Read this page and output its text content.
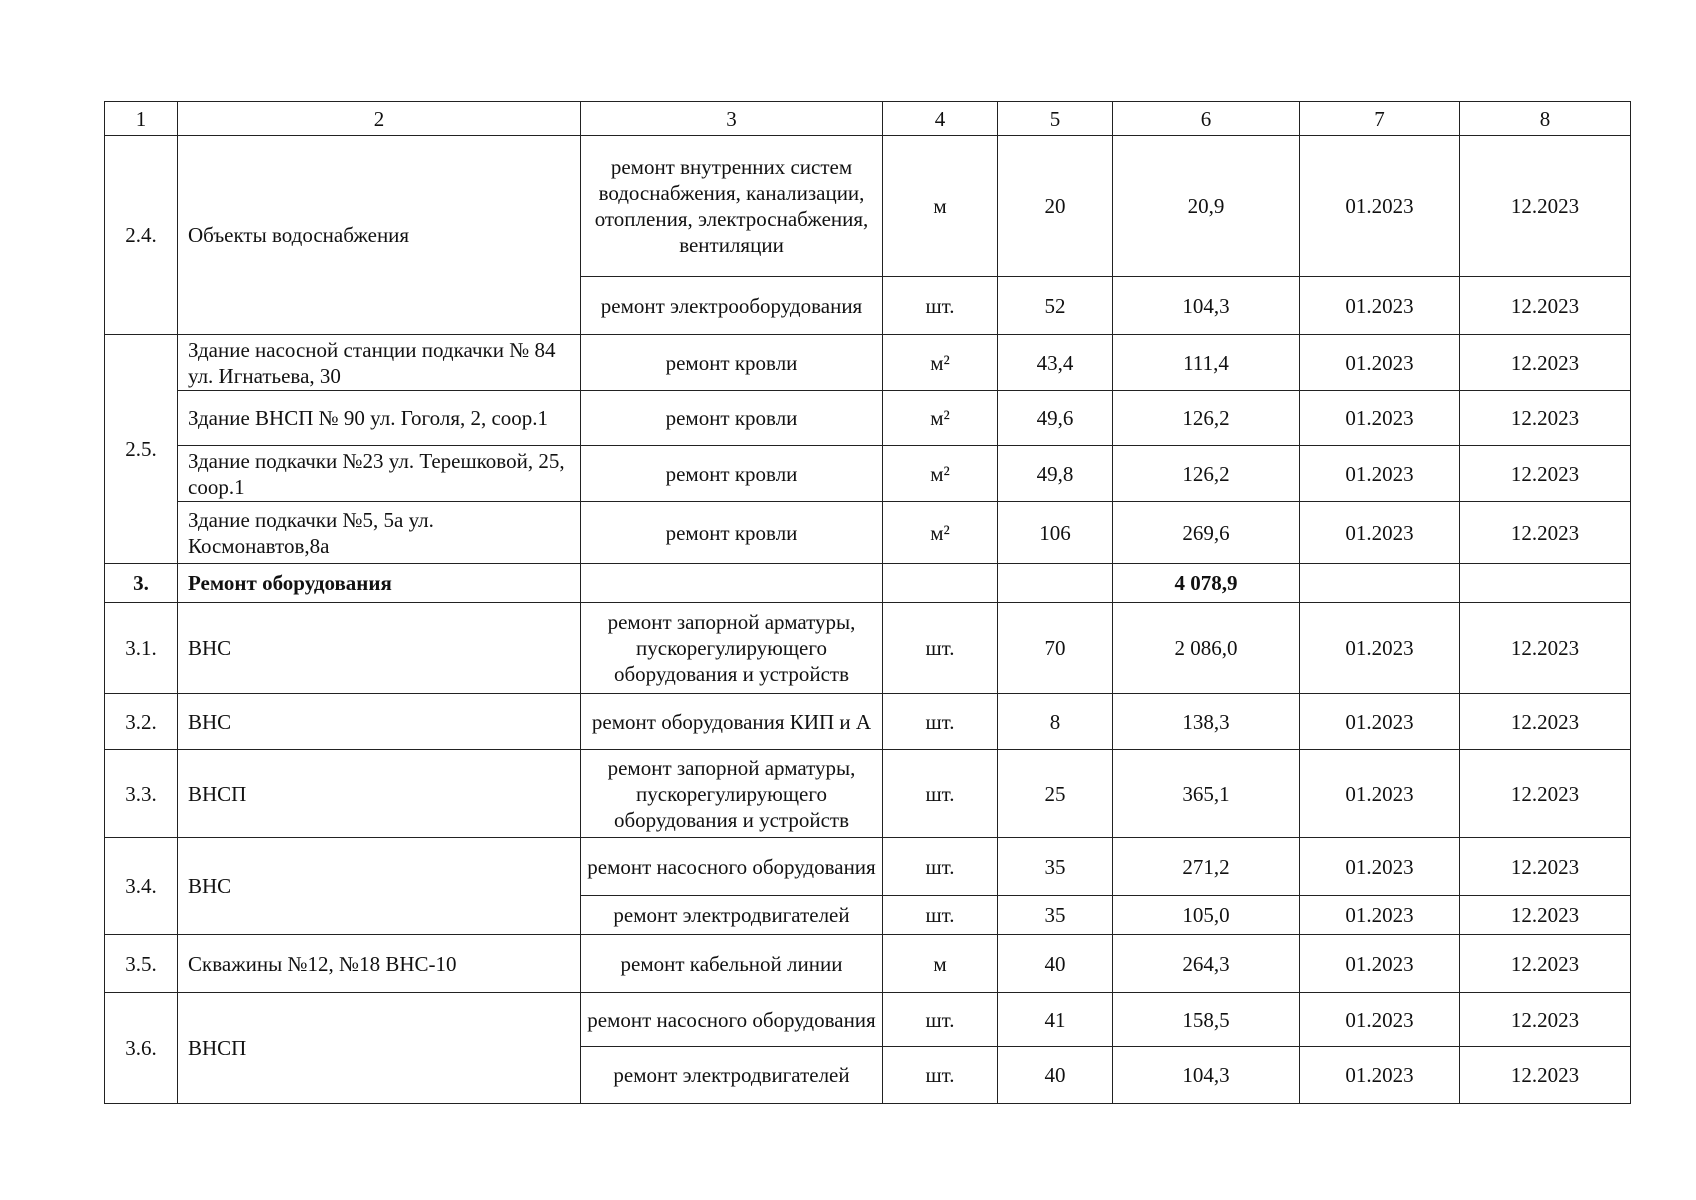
1	2	3	4	5	6	7	8
2.4.	Объекты водоснабжения	ремонт внутренних систем водоснабжения, канализации, отопления, электроснабжения, вентиляции	м	20	20,9	01.2023	12.2023
		ремонт электрооборудования	шт.	52	104,3	01.2023	12.2023
2.5.	Здание насосной станции подкачки № 84 ул. Игнатьева, 30	ремонт кровли	м²	43,4	111,4	01.2023	12.2023
	Здание ВНСП № 90 ул. Гоголя, 2, соор.1	ремонт кровли	м²	49,6	126,2	01.2023	12.2023
	Здание подкачки №23 ул. Терешковой, 25, соор.1	ремонт кровли	м²	49,8	126,2	01.2023	12.2023
	Здание подкачки №5, 5а ул. Космонавтов,8а	ремонт кровли	м²	106	269,6	01.2023	12.2023
3.	Ремонт оборудования				4 078,9		
3.1.	ВНС	ремонт запорной арматуры, пускорегулирующего оборудования и устройств	шт.	70	2 086,0	01.2023	12.2023
3.2.	ВНС	ремонт оборудования КИП и А	шт.	8	138,3	01.2023	12.2023
3.3.	ВНСП	ремонт запорной арматуры, пускорегулирующего оборудования и устройств	шт.	25	365,1	01.2023	12.2023
3.4.	ВНС	ремонт насосного оборудования	шт.	35	271,2	01.2023	12.2023
		ремонт электродвигателей	шт.	35	105,0	01.2023	12.2023
3.5.	Скважины №12, №18 ВНС-10	ремонт кабельной линии	м	40	264,3	01.2023	12.2023
3.6.	ВНСП	ремонт насосного оборудования	шт.	41	158,5	01.2023	12.2023
		ремонт электродвигателей	шт.	40	104,3	01.2023	12.2023
